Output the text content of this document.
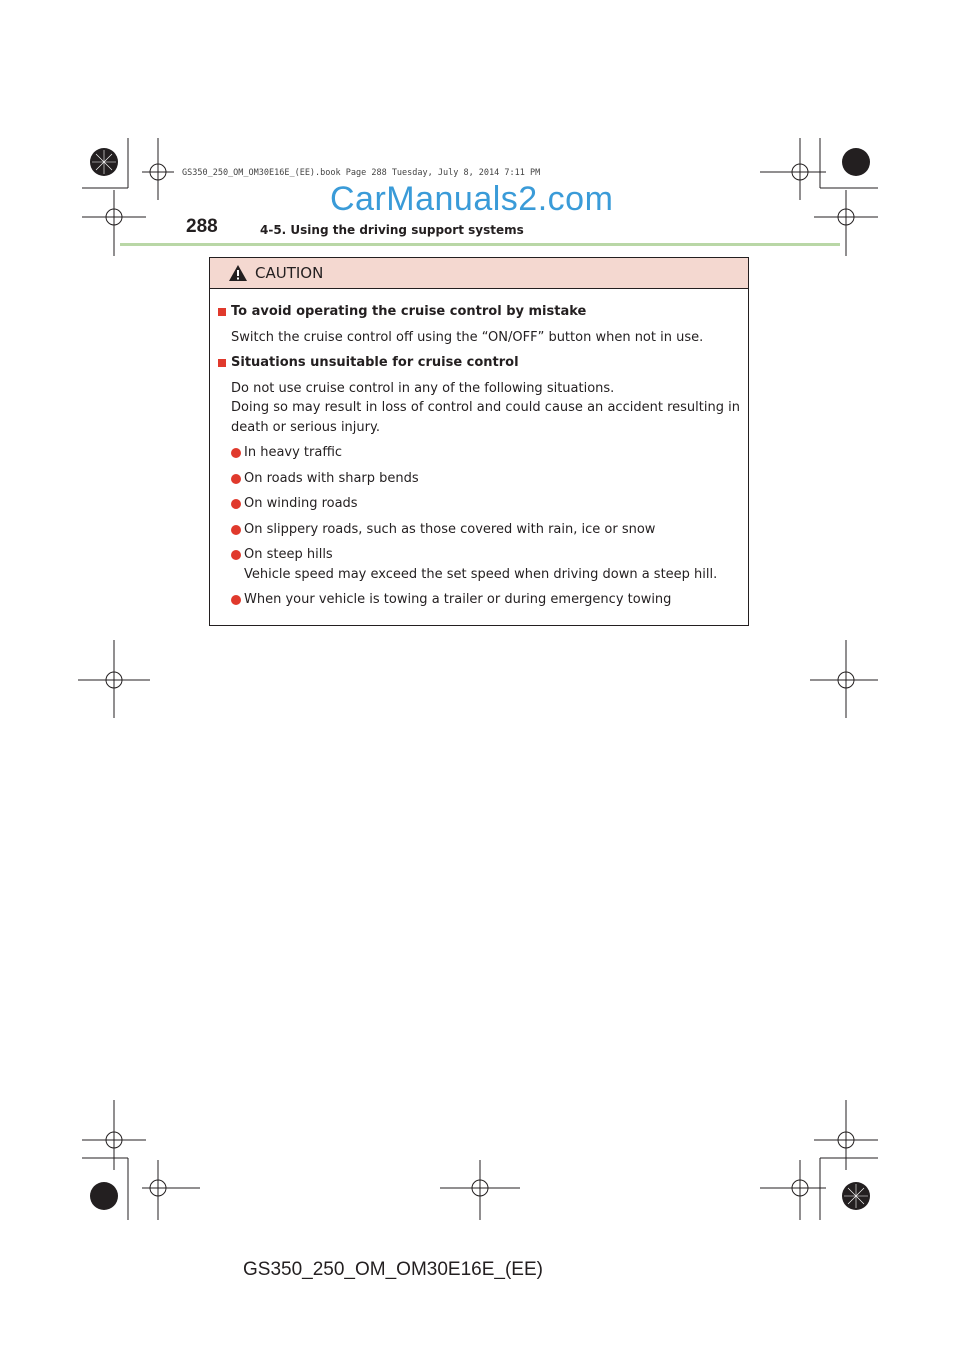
GS350_250_OM_OM30E16E_(EE).book Page 288 Tuesday, July 8, 2014 7:11 PM
CarManuals2.com
288	4-5. Using the driving support systems
CAUTION
To avoid operating the cruise control by mistake
Switch the cruise control off using the “ON/OFF” button when not in use.
Situations unsuitable for cruise control
Do not use cruise control in any of the following situations.
Doing so may result in loss of control and could cause an accident resulting in death or serious injury.
In heavy traffic
On roads with sharp bends
On winding roads
On slippery roads, such as those covered with rain, ice or snow
On steep hills
Vehicle speed may exceed the set speed when driving down a steep hill.
When your vehicle is towing a trailer or during emergency towing
GS350_250_OM_OM30E16E_(EE)
